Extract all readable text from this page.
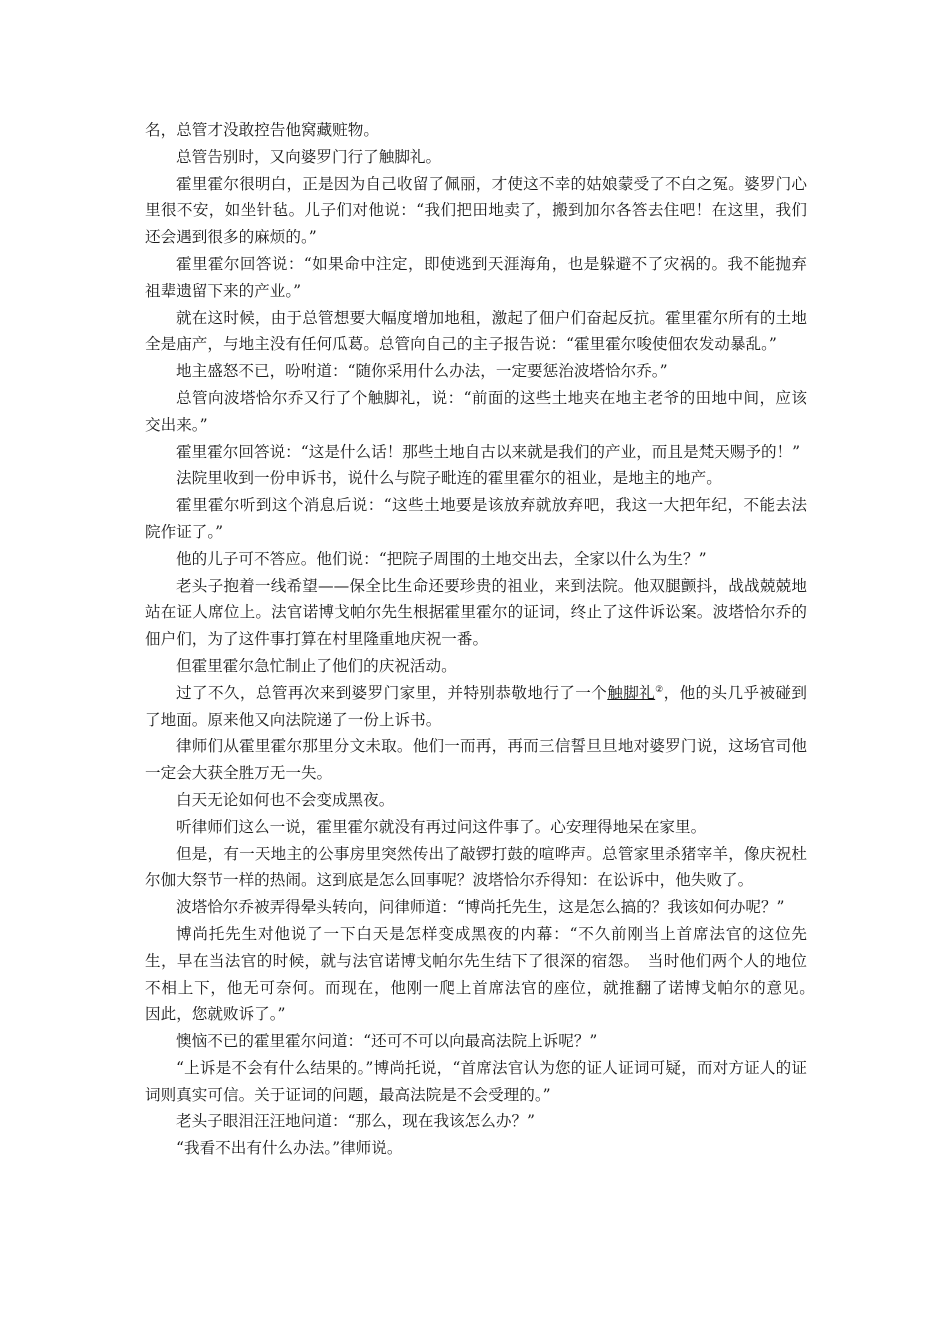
名，总管才没敢控告他窝藏赃物。

总管告别时，又向婆罗门行了触脚礼。

霍里霍尔很明白，正是因为自己收留了佩丽，才使这不幸的姑娘蒙受了不白之冤。婆罗门心里很不安，如坐针毡。儿子们对他说：“我们把田地卖了，搬到加尔各答去住吧！在这里，我们还会遇到很多的麻烦的。”

霍里霍尔回答说：“如果命中注定，即使逃到天涯海角，也是躲避不了灾祸的。我不能抛弃祖辈遗留下来的产业。”

就在这时候，由于总管想要大幅度增加地租，激起了佃户们奋起反抗。霍里霍尔所有的土地全是庙产，与地主没有任何瓜葛。总管向自己的主子报告说：“霍里霍尔唆使佃农发动暴乱。”

地主盛怒不已，吩咐道：“随你采用什么办法，一定要惩治波塔恰尔乔。”

总管向波塔恰尔乔又行了个触脚礼，说：“前面的这些土地夹在地主老爷的田地中间，应该交出来。”

霍里霍尔回答说：“这是什么话！那些土地自古以来就是我们的产业，而且是梵天赐予的！”

法院里收到一份申诉书，说什么与院子毗连的霍里霍尔的祖业，是地主的地产。

霍里霍尔听到这个消息后说：“这些土地要是该放弃就放弃吧，我这一大把年纪，不能去法院作证了。”

他的儿子可不答应。他们说：“把院子周围的土地交出去，全家以什么为生？”

老头子抱着一线希望——保全比生命还要珍贵的祖业，来到法院。他双腿颤抖，战战兢兢地站在证人席位上。法官诺博戈帕尔先生根据霍里霍尔的证词，终止了这件诉讼案。波塔恰尔乔的佃户们，为了这件事打算在村里隆重地庆祝一番。

但霍里霍尔急忙制止了他们的庆祝活动。

过了不久，总管再次来到婆罗门家里，并特别恭敬地行了一个触脚礼②，他的头几乎被碰到了地面。原来他又向法院递了一份上诉书。

律师们从霍里霍尔那里分文未取。他们一而再，再而三信誓旦旦地对婆罗门说，这场官司他一定会大获全胜万无一失。

白天无论如何也不会变成黑夜。

听律师们这么一说，霍里霍尔就没有再过问这件事了。心安理得地呆在家里。

但是，有一天地主的公事房里突然传出了敲锣打鼓的喧哗声。总管家里杀猪宰羊，像庆祝杜尔伽大祭节一样的热闹。这到底是怎么回事呢？波塔恰尔乔得知：在讼诉中，他失败了。

波塔恰尔乔被弄得晕头转向，问律师道：“博尚托先生，这是怎么搞的？我该如何办呢？”

博尚托先生对他说了一下白天是怎样变成黑夜的内幕：“不久前刚当上首席法官的这位先生，早在当法官的时候，就与法官诺博戈帕尔先生结下了很深的宿怨。　当时他们两个人的地位不相上下，他无可奈何。而现在，他刚一爬上首席法官的座位，就推翻了诺博戈帕尔的意见。　因此，您就败诉了。”

懊恼不已的霍里霍尔问道：“还可不可以向最高法院上诉呢？”

“上诉是不会有什么结果的。”博尚托说，“首席法官认为您的证人证词可疑，而对方证人的证词则真实可信。关于证词的问题，最高法院是不会受理的。”

老头子眼泪汪汪地问道：“那么，现在我该怎么办？”

“我看不出有什么办法。”律师说。
